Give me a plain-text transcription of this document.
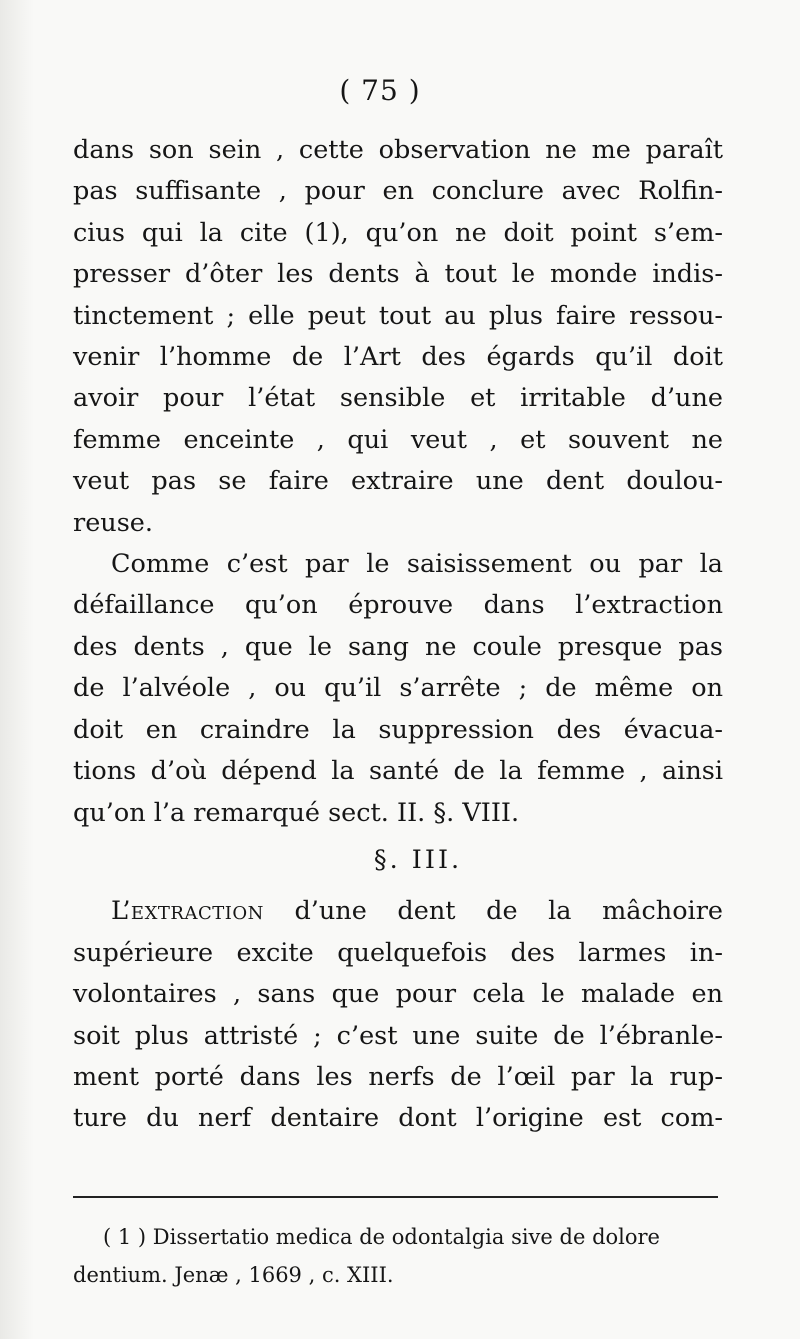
( 75 )
dans son sein , cette observation ne me paraît
pas suffisante , pour en conclure avec Rolfin-
cius qui la cite (1), qu’on ne doit point s’em-
presser d’ôter les dents à tout le monde indis-
tinctement ; elle peut tout au plus faire ressou-
venir l’homme de l’Art des égards qu’il doit
avoir pour l’état sensible et irritable d’une
femme enceinte , qui veut , et souvent ne
veut pas se faire extraire une dent doulou-
reuse.
Comme c’est par le saisissement ou par la
défaillance qu’on éprouve dans l’extraction
des dents , que le sang ne coule presque pas
de l’alvéole , ou qu’il s’arrête ; de même on
doit en craindre la suppression des évacua-
tions d’où dépend la santé de la femme , ainsi
qu’on l’a remarqué sect. II. §. VIII.
§. III.
L’extraction d’une dent de la mâchoire
supérieure excite quelquefois des larmes in-
volontaires , sans que pour cela le malade en
soit plus attristé ; c’est une suite de l’ébranle-
ment porté dans les nerfs de l’œil par la rup-
ture du nerf dentaire dont l’origine est com-
( 1 ) Dissertatio medica de odontalgia sive de dolore
dentium. Jenæ , 1669 , c. XIII.
